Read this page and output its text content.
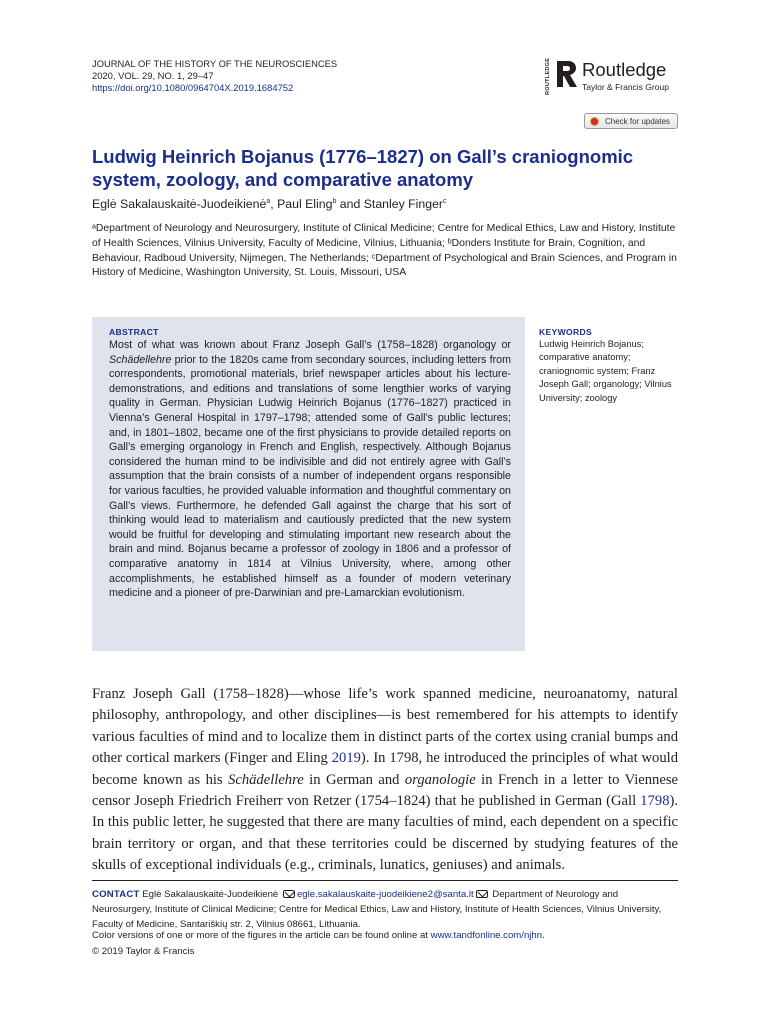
JOURNAL OF THE HISTORY OF THE NEUROSCIENCES
2020, VOL. 29, NO. 1, 29–47
https://doi.org/10.1080/0964704X.2019.1684752	ROUTLEDGE Routledge
Taylor & Francis Group
Check for updates
Ludwig Heinrich Bojanus (1776–1827) on Gall’s craniognomic system, zoology, and comparative anatomy
Eglė Sakalauskaitė-Juodeikienė$^a$, Paul Eling$^b$ and Stanley Finger$^c$

ᵃDepartment of Neurology and Neurosurgery, Institute of Clinical Medicine; Centre for Medical Ethics, Law and History, Institute of Health Sciences, Vilnius University, Faculty of Medicine, Vilnius, Lithuania; ᵇDonders Institute for Brain, Cognition, and Behaviour, Radboud University, Nijmegen, The Netherlands; ᶜDepartment of Psychological and Brain Sciences, and Program in History of Medicine, Washington University, St. Louis, Missouri, USA

ABSTRACT

Most of what was known about Franz Joseph Gall’s (1758–1828) organology or Schädellehre prior to the 1820s came from secondary sources, including letters from correspondents, promotional materials, brief newspaper articles about his lecture-demonstrations, and editions and translations of some lengthier works of varying quality in German. Physician Ludwig Heinrich Bojanus (1776–1827) practiced in Vienna’s General Hospital in 1797–1798; attended some of Gall’s public lectures; and, in 1801–1802, became one of the first physicians to provide detailed reports on Gall’s emerging organology in French and English, respectively. Although Bojanus considered the human mind to be indivisible and did not entirely agree with Gall’s assumption that the brain consists of a number of independent organs responsible for various faculties, he provided valuable information and thoughtful commentary on Gall’s views. Furthermore, he defended Gall against the charge that his sort of thinking would lead to materialism and cautiously predicted that the new system would be fruitful for developing and stimulating important new research about the brain and mind. Bojanus became a professor of zoology in 1806 and a professor of comparative anatomy in 1814 at Vilnius University, where, among other accomplishments, he established himself as a founder of modern veterinary medicine and a pioneer of pre-Darwinian and pre-Lamarckian evolutionism.

KEYWORDS
Ludwig Heinrich Bojanus; comparative anatomy; craniognomic system; Franz Joseph Gall; organology; Vilnius University; zoology

Franz Joseph Gall (1758–1828)—whose life’s work spanned medicine, neuroanatomy, natural philosophy, anthropology, and other disciplines—is best remembered for his attempts to identify various faculties of mind and to localize them in distinct parts of the cortex using cranial bumps and other cortical markers (Finger and Eling 2019). In 1798, he introduced the principles of what would become known as his Schädellehre in German and organologie in French in a letter to Viennese censor Joseph Friedrich Freiherr von Retzer (1754–1824) that he published in German (Gall 1798). In this public letter, he suggested that there are many faculties of mind, each dependent on a specific brain territory or organ, and that these territories could be discerned by studying features of the skulls of exceptional individuals (e.g., criminals, lunatics, geniuses) and animals.

CONTACT Eglė Sakalauskaitė-Juodeikienė egle.sakalauskaite-juodeikiene2@santa.lt Department of Neurology and Neurosurgery, Institute of Clinical Medicine; Centre for Medical Ethics, Law and History, Institute of Health Sciences, Vilnius University, Faculty of Medicine, Santariškių str. 2, Vilnius 08661, Lithuania.

Color versions of one or more of the figures in the article can be found online at www.tandfonline.com/njhn.
© 2019 Taylor & Francis
